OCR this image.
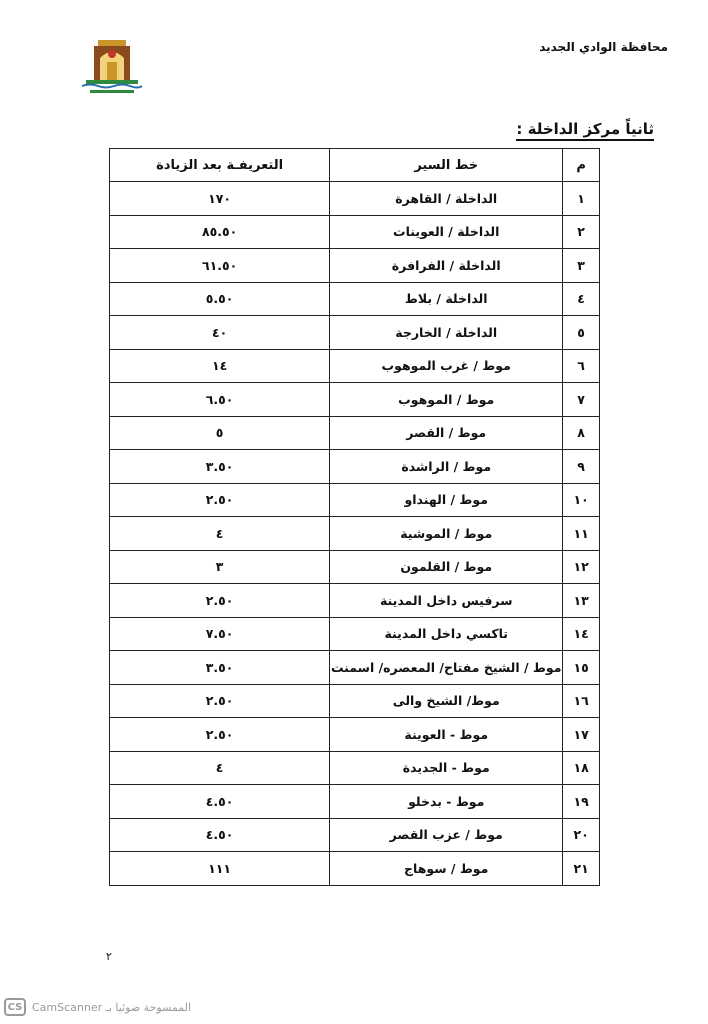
محافظة الوادي الجديد
ثانياً مركز الداخلة :
م	خط السير	التعريفـة بعد الزيادة
١	الداخلة / القاهرة	١٧٠
٢	الداخلة / العوينات	٨٥.٥٠
٣	الداخلة / الفرافرة	٦١.٥٠
٤	الداخلة / بلاط	٥.٥٠
٥	الداخلة / الخارجة	٤٠
٦	موط / غرب الموهوب	١٤
٧	موط / الموهوب	٦.٥٠
٨	موط / القصر	٥
٩	موط / الراشدة	٣.٥٠
١٠	موط / الهنداو	٢.٥٠
١١	موط / الموشية	٤
١٢	موط / القلمون	٣
١٣	سرفيس داخل المدينة	٢.٥٠
١٤	تاكسي داخل المدينة	٧.٥٠
١٥	موط / الشيخ مفتاح/ المعصره/ اسمنت	٣.٥٠
١٦	موط/ الشيخ والى	٢.٥٠
١٧	موط - العوينة	٢.٥٠
١٨	موط - الجديدة	٤
١٩	موط - بدخلو	٤.٥٠
٢٠	موط / عزب القصر	٤.٥٠
٢١	موط / سوهاج	١١١
٢
CS الممسوحة ضوئيا بـ CamScanner
